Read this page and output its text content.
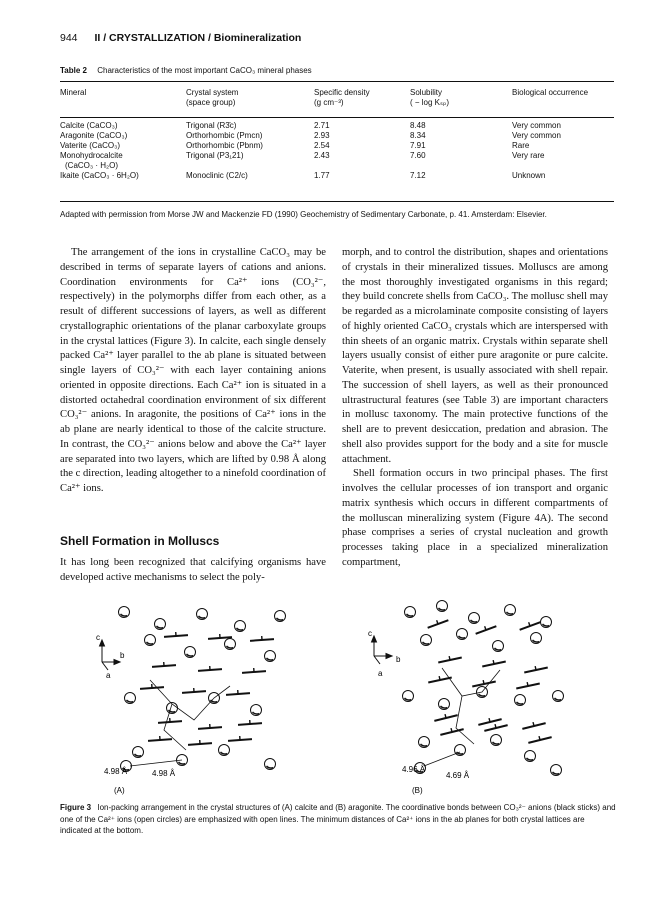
944 II / CRYSTALLIZATION / Biomineralization
Table 2 Characteristics of the most important CaCO₃ mineral phases
Mineral	Crystal system	Specific density	Solubility	Biological occurrence
	(space group)	(g cm⁻³)	( − log Kₛₚ)	

Calcite (CaCO₃)	Trigonal (R3̄c)	2.71	8.48	Very common
Aragonite (CaCO₃)	Orthorhombic (Pmcn)	2.93	8.34	Very common
Vaterite (CaCO₃)	Orthorhombic (Pbnm)	2.54	7.91	Rare
Monohydrocalcite	Trigonal (P3₁21)	2.43	7.60	Very rare
(CaCO₃ · H₂O)				
Ikaite (CaCO₃ · 6H₂O)	Monoclinic (C2/c)	1.77	7.12	Unknown
Adapted with permission from Morse JW and Mackenzie FD (1990) Geochemistry of Sedimentary Carbonate, p. 41. Amsterdam: Elsevier.

The arrangement of the ions in crystalline CaCO₃ may be described in terms of separate layers of cations and anions. Coordination environments for Ca²⁺ ions (CO₃²⁻, respectively) in the polymorphs differ from each other, as a result of different successions of layers, as well as different crystallographic orientations of the planar carboxylate groups in the crystal lattices (Figure 3). In calcite, each single densely packed Ca²⁺ layer parallel to the ab plane is situated between single layers of CO₃²⁻ with each layer containing anions oriented in opposite directions. Each Ca²⁺ ion is situated in a distorted octahedral coordination environment of six different CO₃²⁻ anions. In aragonite, the positions of Ca²⁺ ions in the ab plane are nearly identical to those of the calcite structure. In contrast, the CO₃²⁻ anions below and above the Ca²⁺ layer are separated into two layers, which are lifted by 0.98 Å along the c direction, leading altogether to a ninefold coordination of Ca²⁺ ions.

Shell Formation in Molluscs

It has long been recognized that calcifying organisms have developed active mechanisms to select the poly-

morph, and to control the distribution, shapes and orientations of crystals in their mineralized tissues. Molluscs are among the most thoroughly investigated organisms in this regard; they build concrete shells from CaCO₃. The mollusc shell may be regarded as a microlaminate composite consisting of layers of highly oriented CaCO₃ crystals which are interspersed with thin sheets of an organic matrix. Crystals within separate shell layers usually consist of either pure aragonite or pure calcite. Vaterite, when present, is usually associated with shell repair. The succession of shell layers, as well as their pronounced ultrastructural features (see Table 3) are important characters in mollusc taxonomy. The main protective functions of the shell are to prevent desiccation, predation and abrasion. The shell also provides support for the body and a site for muscle attachment.

Shell formation occurs in two principal phases. The first involves the cellular processes of ion transport and organic matrix synthesis which occurs in different compartments of the molluscan mineralizing system (Figure 4A). The second phase comprises a series of crystal nucleation and growth processes taking place in a specialized mineralization compartment,

c
b
a
c
b
a
4.98 Å	4.98 Å	4.96 Å
4.69 Å
(A)	(B)
Figure 3 Ion-packing arrangement in the crystal structures of (A) calcite and (B) aragonite. The coordinative bonds between CO₃²⁻ anions (black sticks) and one of the Ca²⁺ ions (open circles) are emphasized with open lines. The minimum distances of Ca²⁺ ions in the ab planes for both crystal lattices are indicated at the bottom.
